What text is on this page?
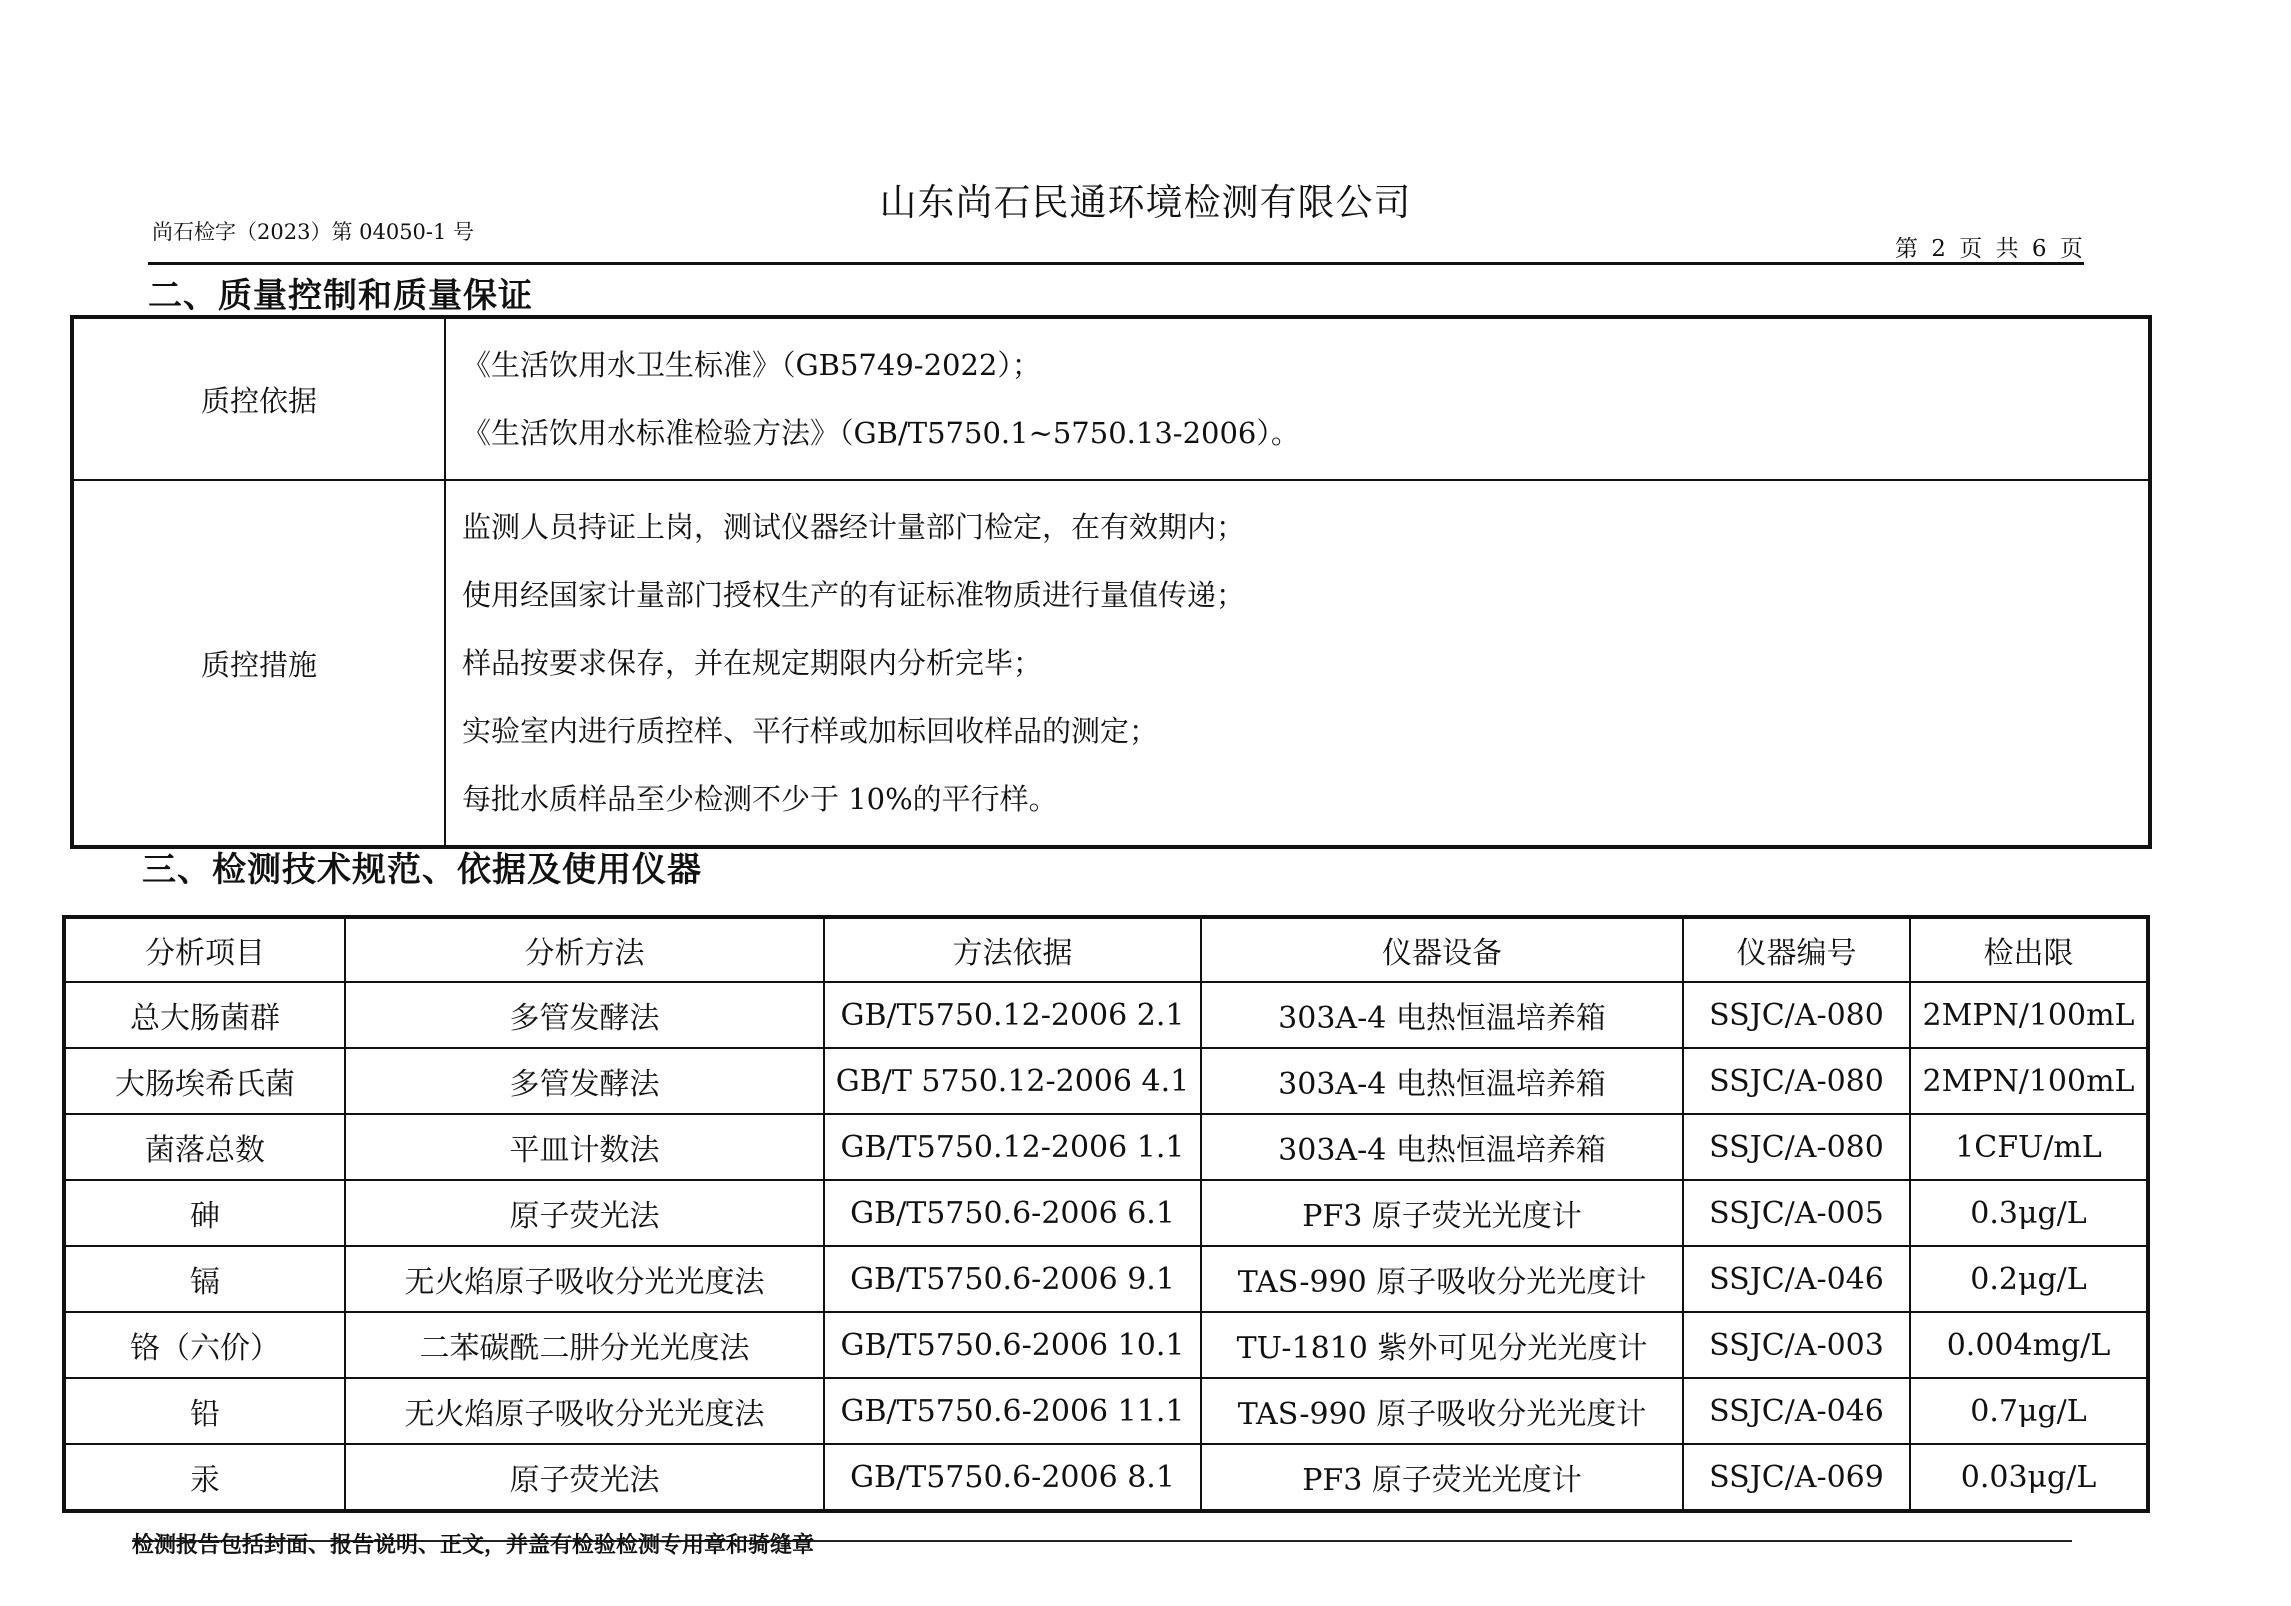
山东尚石民通环境检测有限公司
尚石检字（2023）第 04050-1 号
第 2 页 共 6 页
二、质量控制和质量保证
质控依据	《生活饮用水卫生标准》（GB5749-2022）；
《生活饮用水标准检验方法》（GB/T5750.1~5750.13-2006）。

质控措施	监测人员持证上岗，测试仪器经计量部门检定，在有效期内；
使用经国家计量部门授权生产的有证标准物质进行量值传递；
样品按要求保存，并在规定期限内分析完毕；
实验室内进行质控样、平行样或加标回收样品的测定；
每批水质样品至少检测不少于 10%的平行样。
三、检测技术规范、依据及使用仪器
分析项目	分析方法	方法依据	仪器设备	仪器编号	检出限
总大肠菌群	多管发酵法	GB/T5750.12-2006 2.1	303A-4 电热恒温培养箱	SSJC/A-080	2MPN/100mL
大肠埃希氏菌	多管发酵法	GB/T 5750.12-2006 4.1	303A-4 电热恒温培养箱	SSJC/A-080	2MPN/100mL
菌落总数	平皿计数法	GB/T5750.12-2006 1.1	303A-4 电热恒温培养箱	SSJC/A-080	1CFU/mL
砷	原子荧光法	GB/T5750.6-2006 6.1	PF3 原子荧光光度计	SSJC/A-005	0.3μg/L
镉	无火焰原子吸收分光光度法	GB/T5750.6-2006 9.1	TAS-990 原子吸收分光光度计	SSJC/A-046	0.2μg/L
铬（六价）	二苯碳酰二肼分光光度法	GB/T5750.6-2006 10.1	TU-1810 紫外可见分光光度计	SSJC/A-003	0.004mg/L
铅	无火焰原子吸收分光光度法	GB/T5750.6-2006 11.1	TAS-990 原子吸收分光光度计	SSJC/A-046	0.7μg/L
汞	原子荧光法	GB/T5750.6-2006 8.1	PF3 原子荧光光度计	SSJC/A-069	0.03μg/L
检测报告包括封面、报告说明、正文，并盖有检验检测专用章和骑缝章
